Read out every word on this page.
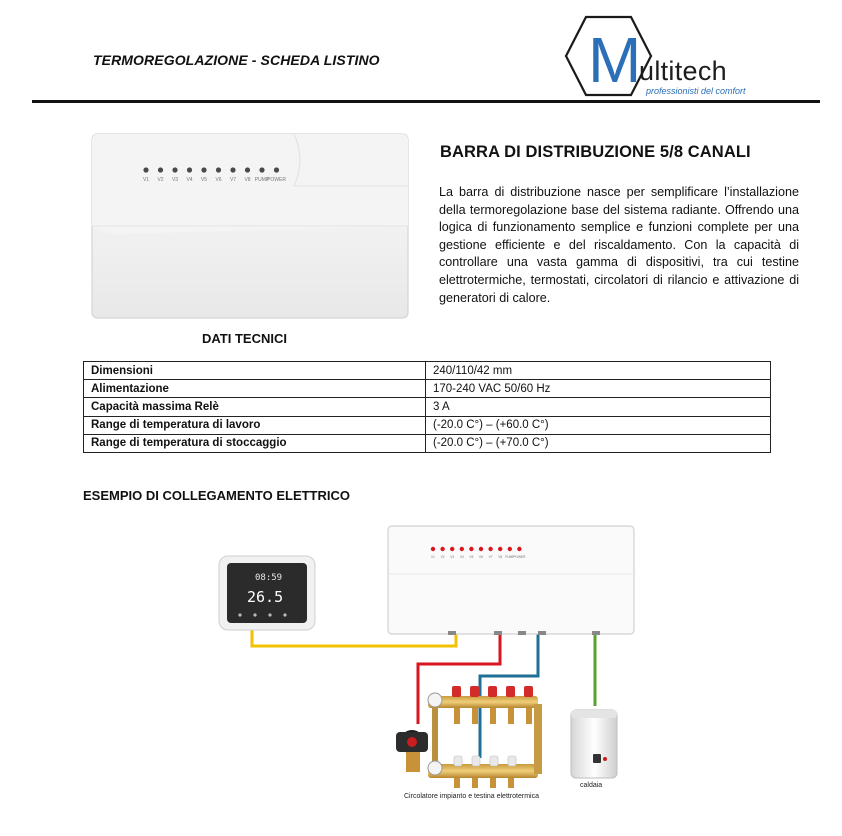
TERMOREGOLAZIONE - SCHEDA LISTINO	M
ultitech
professionisti del comfort
V1 V2 V3 V4 V5 V6 V7 V8 PUMP
POWER
BARRA DI DISTRIBUZIONE 5/8 CANALI
La barra di distribuzione nasce per semplificare l’installazione della termoregolazione base del sistema radiante. Offrendo una logica di funzionamento semplice e funzioni complete per una gestione efficiente e del riscaldamento. Con la capacità di controllare una vasta gamma di dispositivi, tra cui testine elettrotermiche, termostati, circolatori di rilancio e attivazione di generatori di calore.
DATI TECNICI
Dimensioni	240/110/42 mm
Alimentazione	170-240 VAC 50/60 Hz
Capacità massima Relè	3 A
Range di temperatura di lavoro	(-20.0 C°) – (+60.0 C°)
Range di temperatura di stoccaggio	(-20.0 C°) – (+70.0 C°)
ESEMPIO DI COLLEGAMENTO ELETTRICO
08:59
26.5
V1 V2 V3 V4 V5 V6 V7 V8 PUMP
POWER
Circolatore impianto e testina elettrotermica
caldaia
